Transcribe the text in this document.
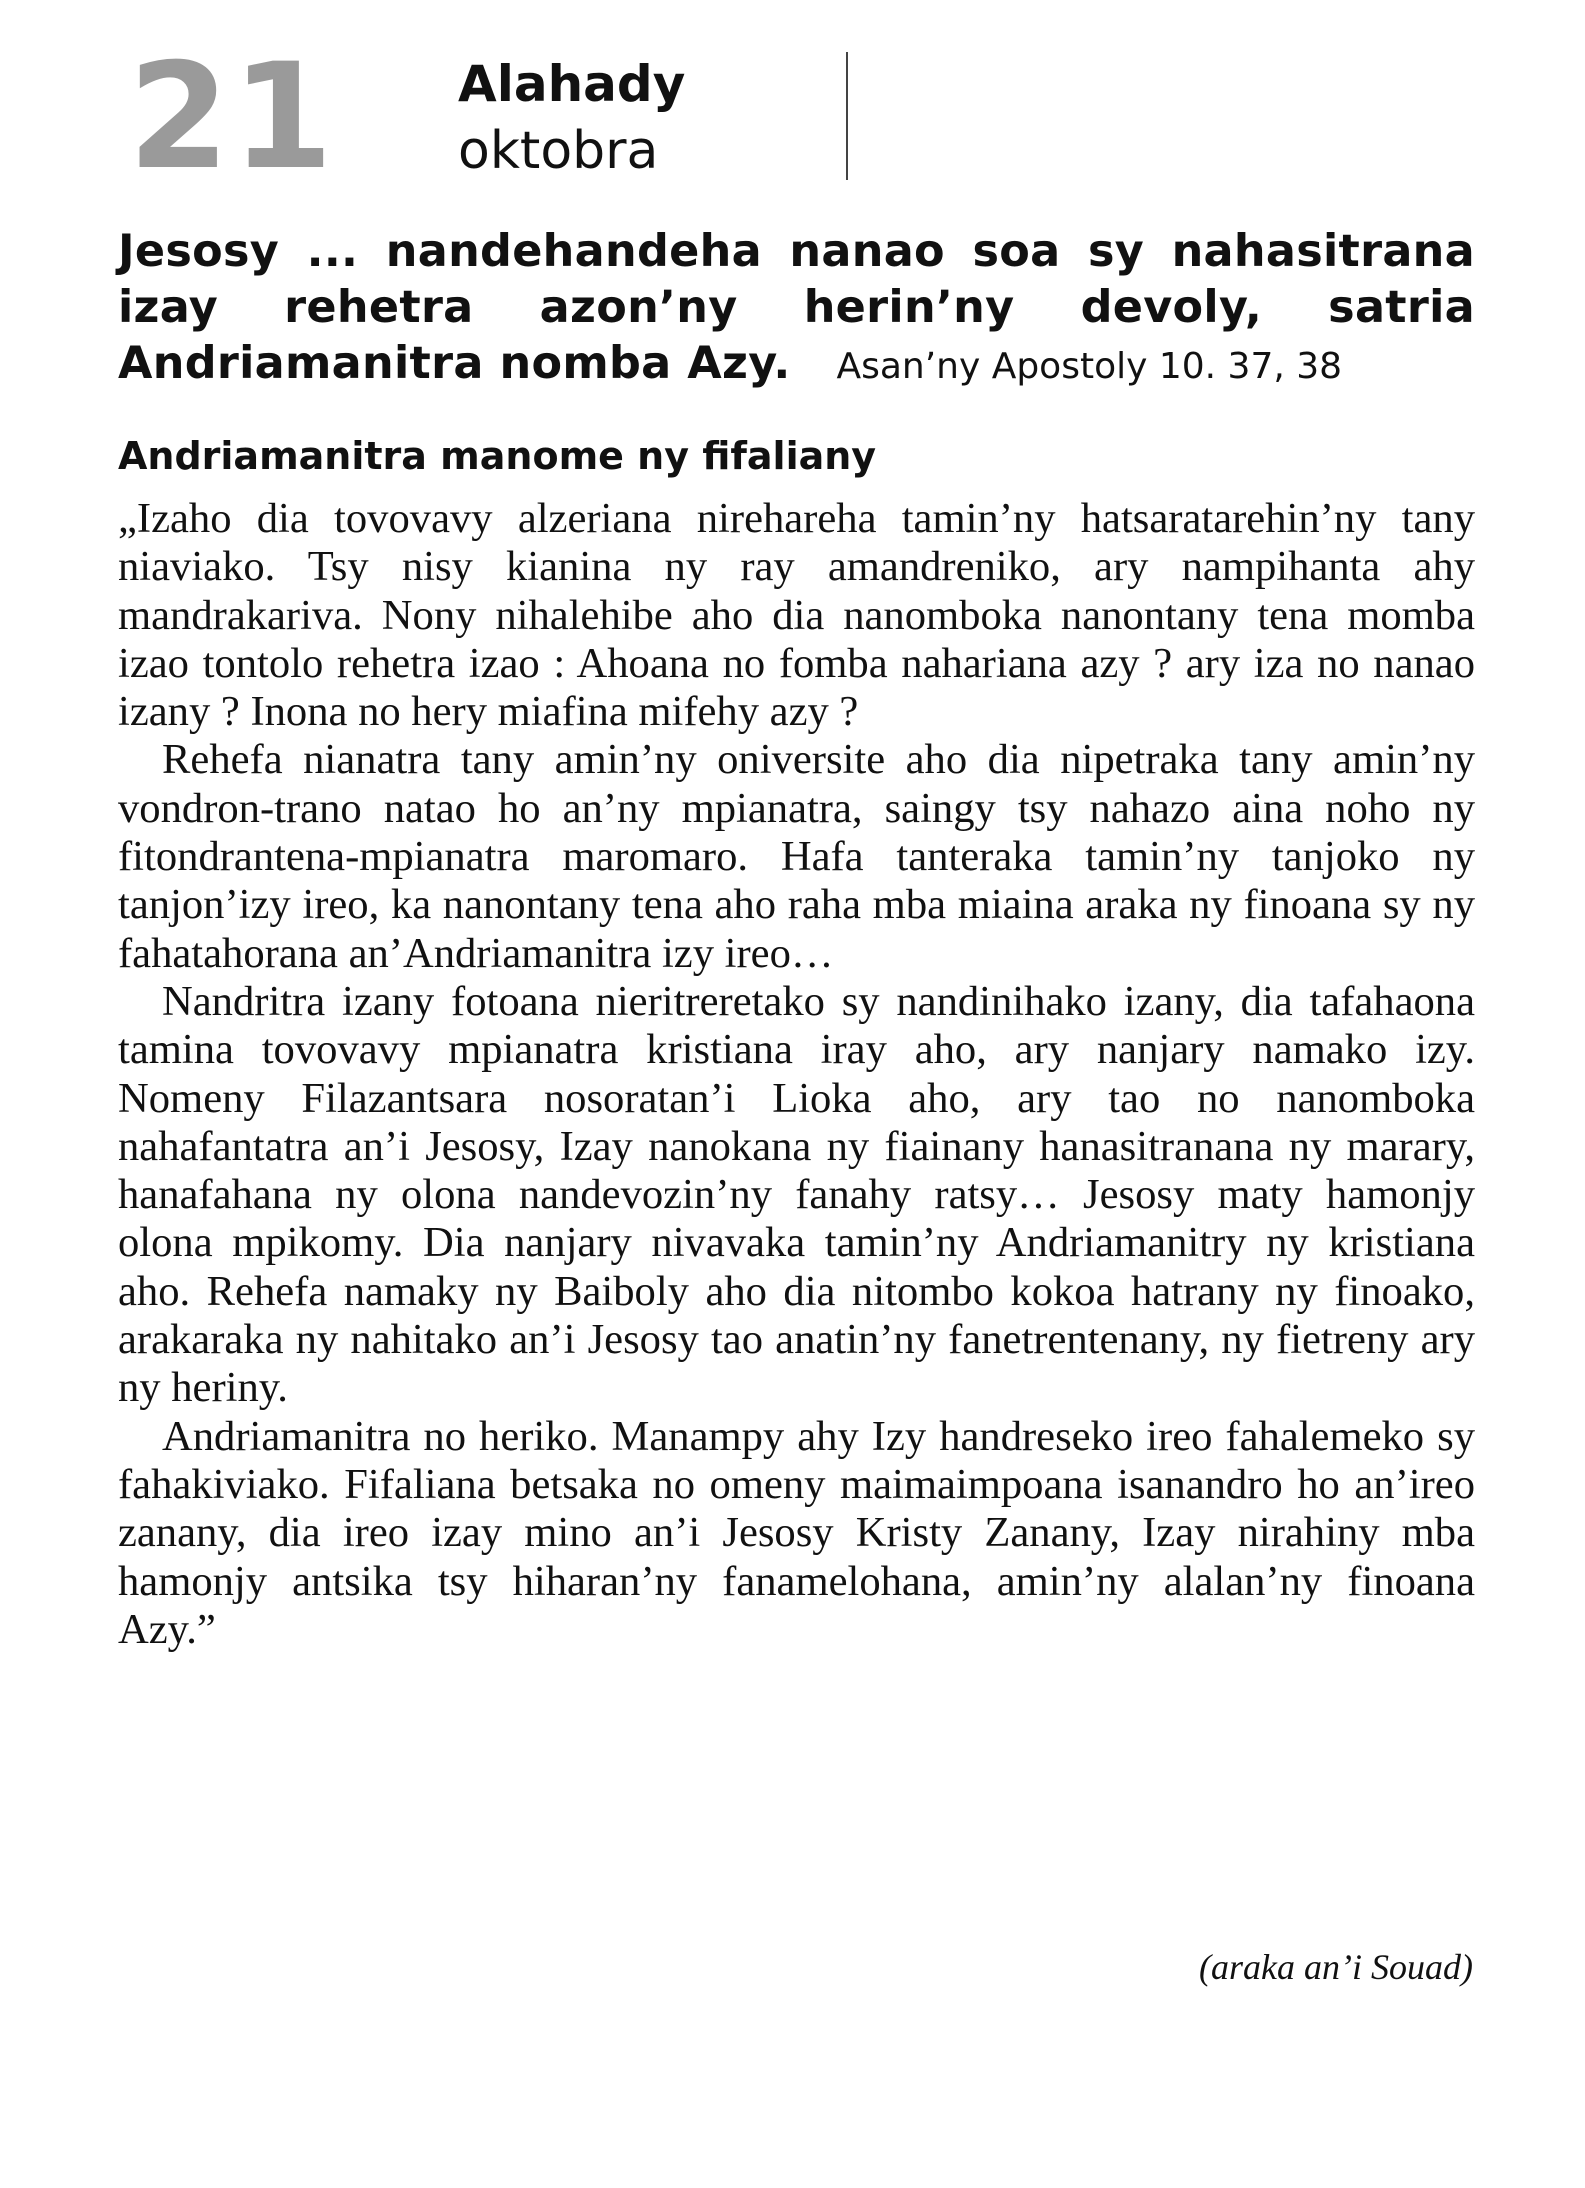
21 Alahady
oktobra
Jesosy ... nandehandeha nanao soa sy nahasitrana izay rehetra azon’ny herin’ny devoly, satria Andriamanitra nomba Azy. Asan’ny Apostoly 10. 37, 38
Andriamanitra manome ny fifaliany

„Izaho dia tovovavy alzeriana nirehareha tamin’ny hatsaratarehin’ny tany niaviako. Tsy nisy kianina ny ray amandreniko, ary nampihanta ahy mandrakariva. Nony nihalehibe aho dia nanomboka nanontany tena momba izao tontolo rehetra izao : Ahoana no fomba nahariana azy ? ary iza no nanao izany ? Inona no hery miafina mifehy azy ?

Rehefa nianatra tany amin’ny oniversite aho dia nipetraka tany amin’ny vondron-trano natao ho an’ny mpianatra, saingy tsy nahazo aina noho ny fitondrantena-mpianatra maromaro. Hafa tanteraka tamin’ny tanjoko ny tanjon’izy ireo, ka nanontany tena aho raha mba miaina araka ny finoana sy ny fahatahorana an’Andriamanitra izy ireo…

Nandritra izany fotoana nieritreretako sy nandinihako izany, dia tafahaona tamina tovovavy mpianatra kristiana iray aho, ary nanjary namako izy. Nomeny Filazantsara nosoratan’i Lioka aho, ary tao no nanomboka nahafantatra an’i Jesosy, Izay nanokana ny fiainany hanasitranana ny marary, hanafahana ny olona nandevozin’ny fanahy ratsy… Jesosy maty hamonjy olona mpikomy. Dia nanjary nivavaka tamin’ny Andriamanitry ny kristiana aho. Rehefa namaky ny Baiboly aho dia nitombo kokoa hatrany ny finoako, arakaraka ny nahitako an’i Jesosy tao anatin’ny fanetrentenany, ny fietreny ary ny heriny.

Andriamanitra no heriko. Manampy ahy Izy handreseko ireo fahalemeko sy fahakiviako. Fifaliana betsaka no omeny maimaimpoana isanandro ho an’ireo zanany, dia ireo izay mino an’i Jesosy Kristy Zanany, Izay nirahiny mba hamonjy antsika tsy hiharan’ny fanamelohana, amin’ny alalan’ny finoana Azy.”

(araka an’i Souad)
